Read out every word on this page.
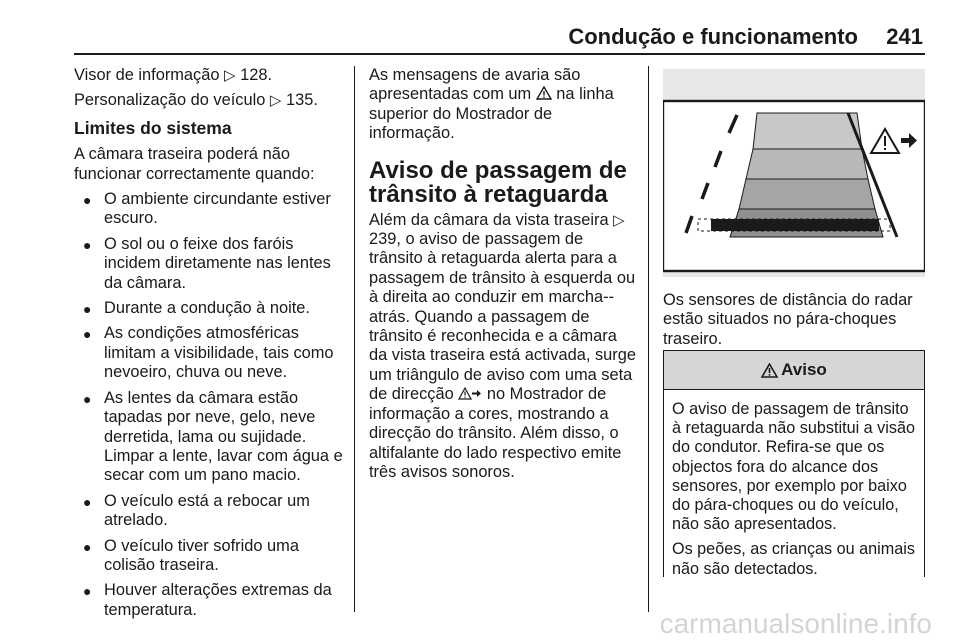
Condução e funcionamento	241

Visor de informação ▷ 128.

Personalização do veículo ▷ 135.

Limites do sistema

A câmara traseira poderá não funcionar correctamente quando:

● O ambiente circundante estiver escuro.
● O sol ou o feixe dos faróis incidem diretamente nas lentes da câmara.
● Durante a condução à noite.
● As condições atmosféricas limitam a visibilidade, tais como nevoeiro, chuva ou neve.
● As lentes da câmara estão tapadas por neve, gelo, neve derretida, lama ou sujidade. Limpar a lente, lavar com água e secar com um pano macio.
● O veículo está a rebocar um atrelado.
● O veículo tiver sofrido uma colisão traseira.
● Houver alterações extremas da temperatura.

As mensagens de avaria são apresentadas com um na linha superior do Mostrador de informação.

Aviso de passagem de trânsito à retaguarda

Além da câmara da vista traseira ▷ 239, o aviso de passagem de trânsito à retaguarda alerta para a passagem de trânsito à esquerda ou à direita ao conduzir em marcha--atrás. Quando a passagem de trânsito é reconhecida e a câmara da vista traseira está activada, surge um triângulo de aviso com uma seta de direcção no Mostrador de informação a cores, mostrando a direcção do trânsito. Além disso, o altifalante do lado respectivo emite três avisos sonoros.

Os sensores de distância do radar estão situados no pára-choques traseiro.
Aviso

O aviso de passagem de trânsito à retaguarda não substitui a visão do condutor. Refira-se que os objectos fora do alcance dos sensores, por exemplo por baixo do pára-choques ou do veículo, não são apresentados.

Os peões, as crianças ou animais não são detectados.

carmanualsonline.info
